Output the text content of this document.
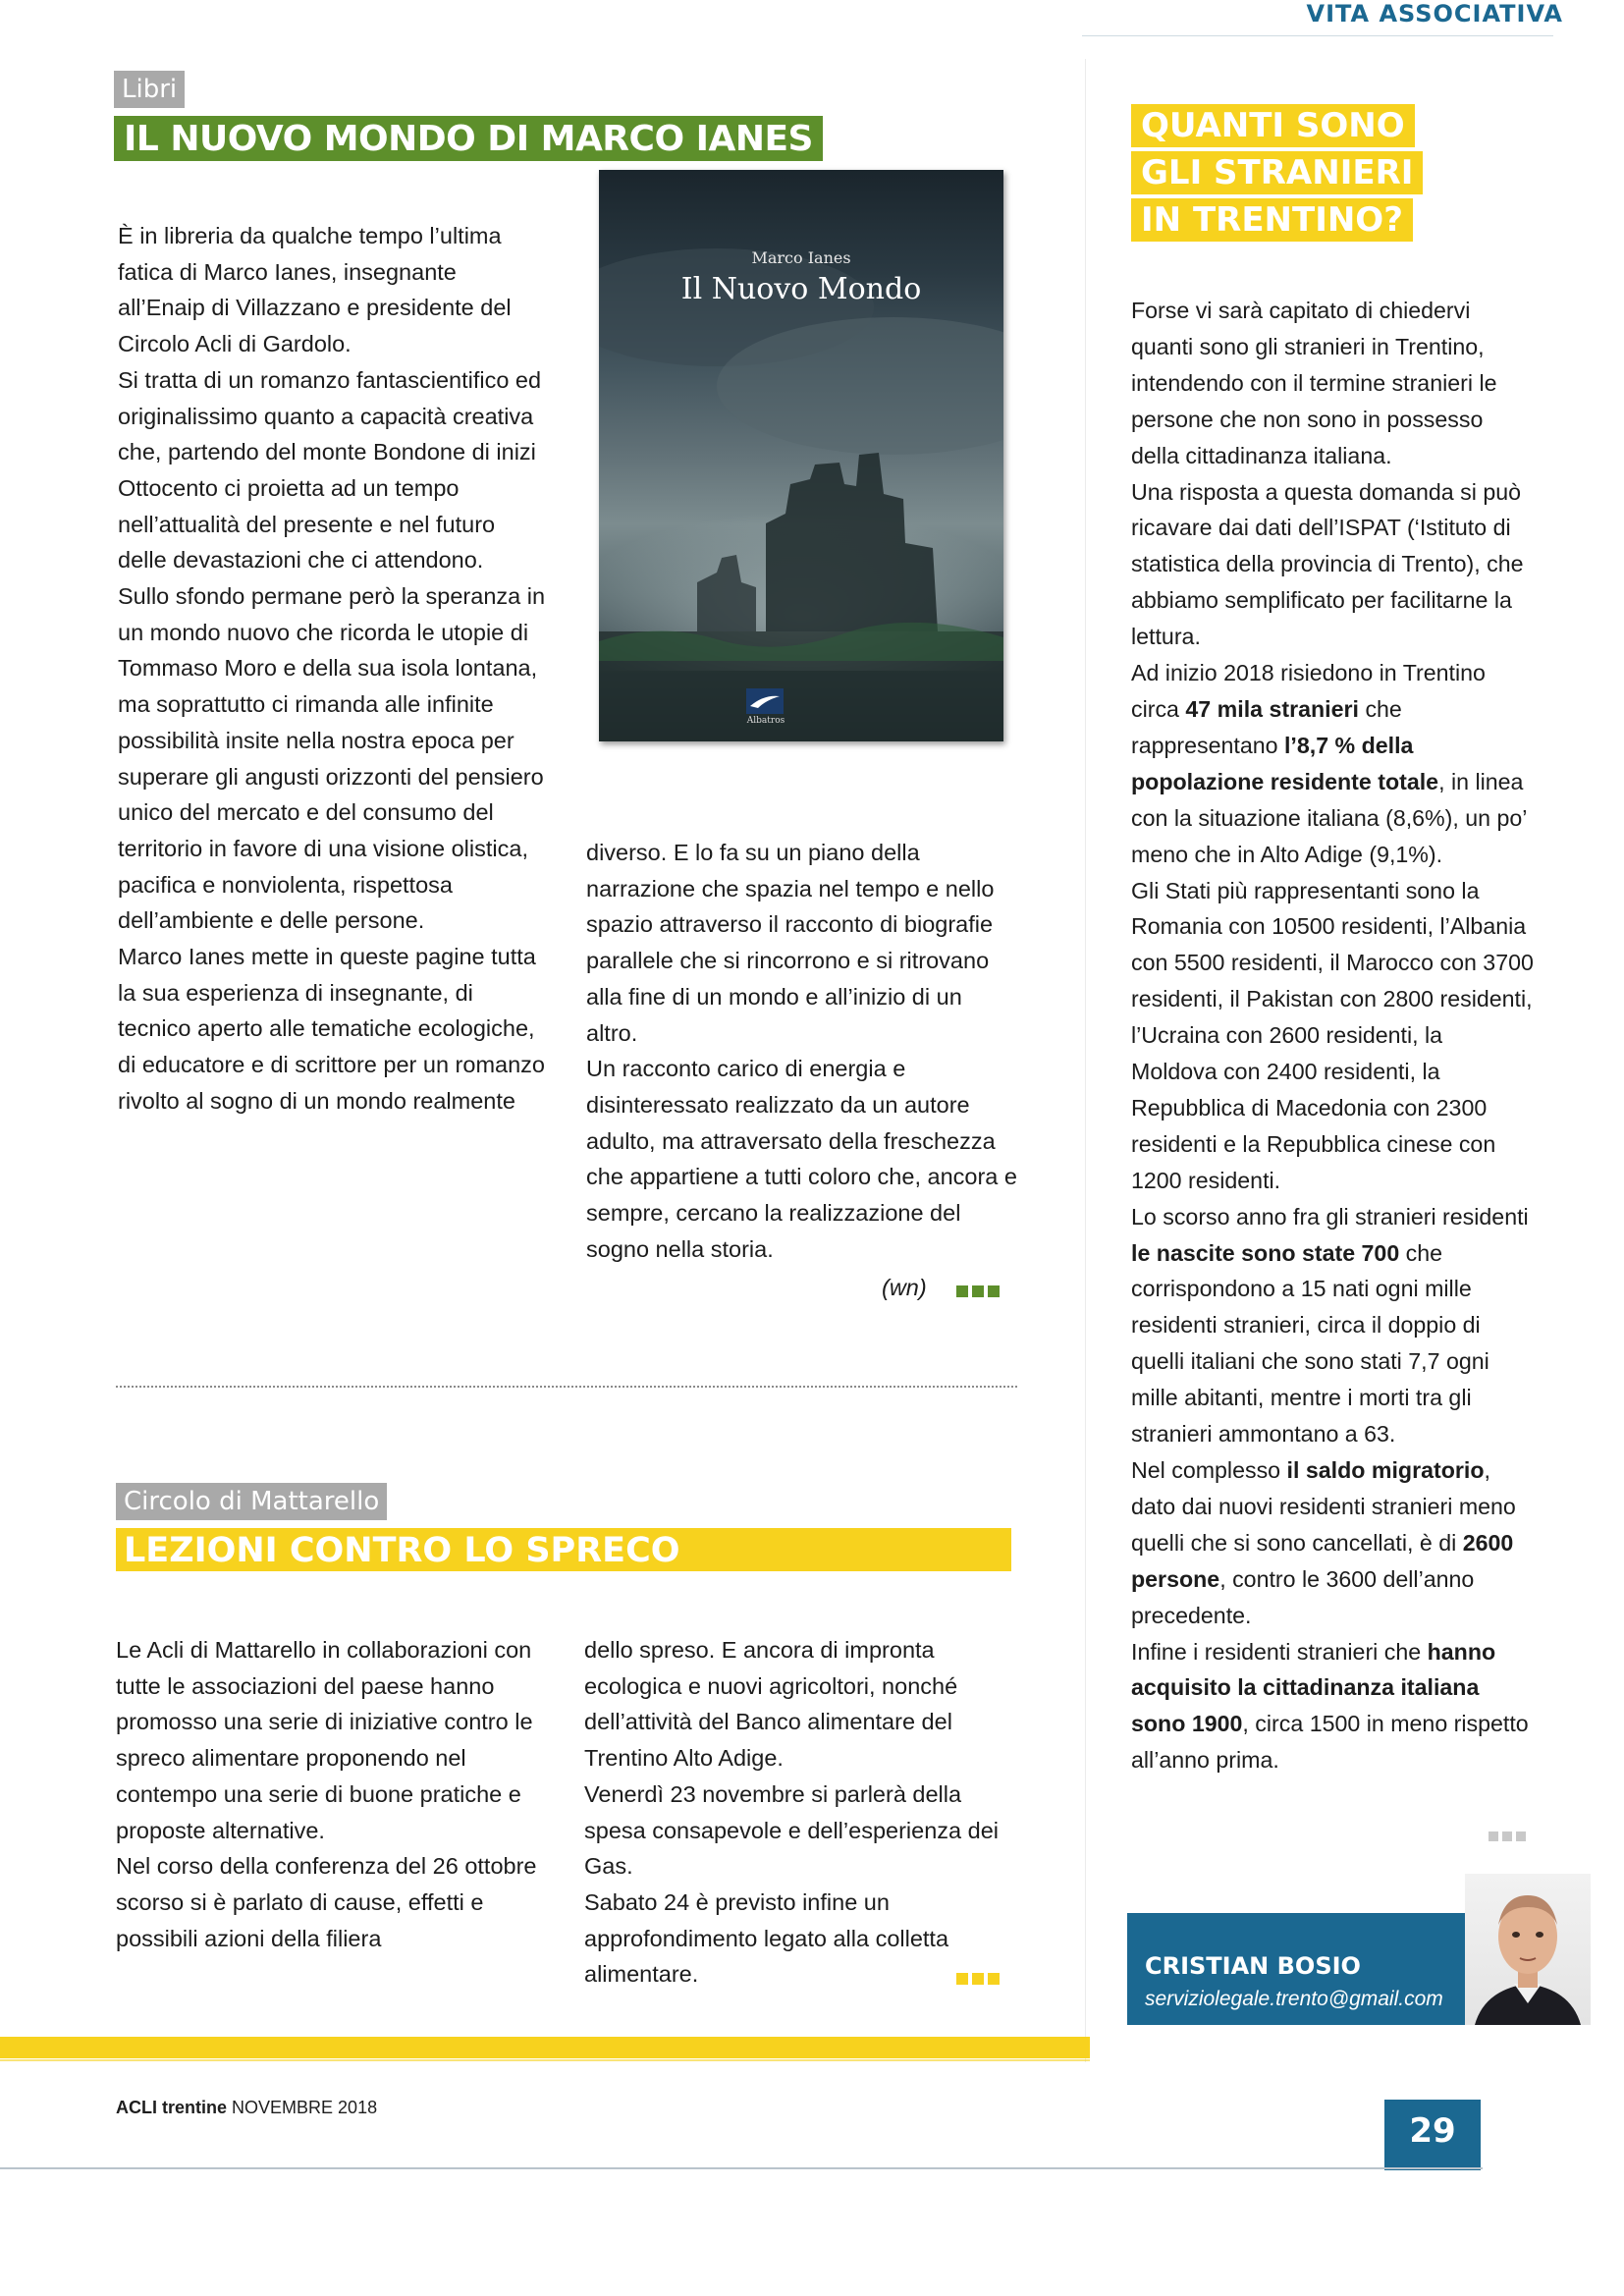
VITA ASSOCIATIVA
Libri
IL NUOVO MONDO DI MARCO IANES

È in libreria da qualche tempo l’ultima fatica di Marco Ianes, insegnante all’Enaip di Villazzano e presidente del Circolo Acli di Gardolo.

Si tratta di un romanzo fantascientifico ed originalissimo quanto a capacità creativa che, partendo del monte Bondone di inizi Ottocento ci proietta ad un tempo nell’attualità del presente e nel futuro delle devastazioni che ci attendono.

Sullo sfondo permane però la speranza in un mondo nuovo che ricorda le utopie di Tommaso Moro e della sua isola lontana, ma soprattutto ci rimanda alle infinite possibilità insite nella nostra epoca per superare gli angusti orizzonti del pensiero unico del mercato e del consumo del territorio in favore di una visione olistica, pacifica e nonviolenta, rispettosa dell’ambiente e delle persone.

Marco Ianes mette in queste pagine tutta la sua esperienza di insegnante, di tecnico aperto alle tematiche ecologiche, di educatore e di scrittore per un romanzo rivolto al sogno di un mondo realmente

Marco Ianes
Il Nuovo Mondo
Albatros

diverso. E lo fa su un piano della narrazione che spazia nel tempo e nello spazio attraverso il racconto di biografie parallele che si rincorrono e si ritrovano alla fine di un mondo e all’inizio di un altro.

Un racconto carico di energia e disinteressato realizzato da un autore adulto, ma attraversato della freschezza che appartiene a tutti coloro che, ancora e sempre, cercano la realizzazione del sogno nella storia.

(wn)
Circolo di Mattarello
LEZIONI CONTRO LO SPRECO

Le Acli di Mattarello in collaborazioni con tutte le associazioni del paese hanno promosso una serie di iniziative contro le spreco alimentare proponendo nel contempo una serie di buone pratiche e proposte alternative.

Nel corso della conferenza del 26 ottobre scorso si è parlato di cause, effetti e possibili azioni della filiera

dello spreso. E ancora di impronta ecologica e nuovi agricoltori, nonché dell’attività del Banco alimentare del Trentino Alto Adige.

Venerdì 23 novembre si parlerà della spesa consapevole e dell’esperienza dei Gas.

Sabato 24 è previsto infine un approfondimento legato alla colletta alimentare.

QUANTI SONO
GLI STRANIERI
IN TRENTINO?

Forse vi sarà capitato di chiedervi quanti sono gli stranieri in Trentino, intendendo con il termine stranieri le persone che non sono in possesso della cittadinanza italiana.

Una risposta a questa domanda si può ricavare dai dati dell’ISPAT (‘Istituto di statistica della provincia di Trento), che abbiamo semplificato per facilitarne la lettura.

Ad inizio 2018 risiedono in Trentino circa 47 mila stranieri che rappresentano l’8,7 % della popolazione residente totale, in linea con la situazione italiana (8,6%), un po’ meno che in Alto Adige (9,1%).

Gli Stati più rappresentanti sono la Romania con 10500 residenti, l’Albania con 5500 residenti, il Marocco con 3700 residenti, il Pakistan con 2800 residenti, l’Ucraina con 2600 residenti, la Moldova con 2400 residenti, la Repubblica di Macedonia con 2300 residenti e la Repubblica cinese con 1200 residenti.

Lo scorso anno fra gli stranieri residenti le nascite sono state 700 che corrispondono a 15 nati ogni mille residenti stranieri, circa il doppio di quelli italiani che sono stati 7,7 ogni mille abitanti, mentre i morti tra gli stranieri ammontano a 63.

Nel complesso il saldo migratorio, dato dai nuovi residenti stranieri meno quelli che si sono cancellati, è di 2600 persone, contro le 3600 dell’anno precedente.

Infine i residenti stranieri che hanno acquisito la cittadinanza italiana sono 1900, circa 1500 in meno rispetto all’anno prima.

CRISTIAN BOSIO
serviziolegale.trento@gmail.com
ACLI trentine NOVEMBRE 2018
29
